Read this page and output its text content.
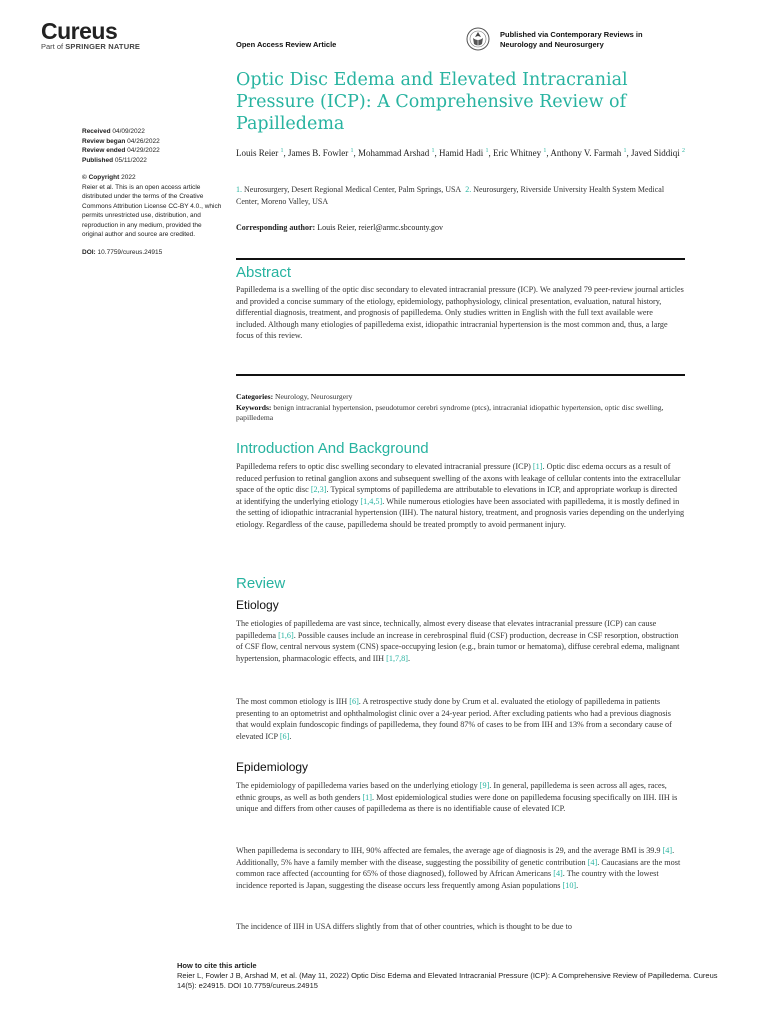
Cureus
Part of SPRINGER NATURE	Open Access Review Article
Published via Contemporary Reviews in
Neurology and Neurosurgery
Optic Disc Edema and Elevated Intracranial Pressure (ICP): A Comprehensive Review of Papilledema
Received 04/09/2022
Review began 04/26/2022
Review ended 04/29/2022
Published 05/11/2022
© Copyright 2022
Reier et al. This is an open access article distributed under the terms of the Creative Commons Attribution License CC-BY 4.0., which permits unrestricted use, distribution, and reproduction in any medium, provided the original author and source are credited.
DOI: 10.7759/cureus.24915
Louis Reier $^1$, James B. Fowler $^1$, Mohammad Arshad $^1$, Hamid Hadi $^1$, Eric Whitney $^1$, Anthony V. Farmah $^1$, Javed Siddiqi $^2$
1. Neurosurgery, Desert Regional Medical Center, Palm Springs, USA 2. Neurosurgery, Riverside University Health System Medical Center, Moreno Valley, USA
Corresponding author: Louis Reier, reierl@armc.sbcounty.gov
Abstract

Papilledema is a swelling of the optic disc secondary to elevated intracranial pressure (ICP). We analyzed 79 peer-review journal articles and provided a concise summary of the etiology, epidemiology, pathophysiology, clinical presentation, evaluation, natural history, differential diagnosis, treatment, and prognosis of papilledema. Only studies written in English with the full text available were included. Although many etiologies of papilledema exist, idiopathic intracranial hypertension is the most common and, thus, a large focus of this review.

Categories: Neurology, Neurosurgery
Keywords: benign intracranial hypertension, pseudotumor cerebri syndrome (ptcs), intracranial idiopathic hypertension, optic disc swelling, papilledema
Introduction And Background

Papilledema refers to optic disc swelling secondary to elevated intracranial pressure (ICP) [1]. Optic disc edema occurs as a result of reduced perfusion to retinal ganglion axons and subsequent swelling of the axons with leakage of cellular contents into the extracellular space of the optic disc [2,3]. Typical symptoms of papilledema are attributable to elevations in ICP, and appropriate workup is directed at identifying the underlying etiology [1,4,5]. While numerous etiologies have been associated with papilledema, it is mostly defined in the setting of idiopathic intracranial hypertension (IIH). The natural history, treatment, and prognosis varies depending on the underlying etiology. Regardless of the cause, papilledema should be treated promptly to avoid permanent injury.

Review
Etiology

The etiologies of papilledema are vast since, technically, almost every disease that elevates intracranial pressure (ICP) can cause papilledema [1,6]. Possible causes include an increase in cerebrospinal fluid (CSF) production, decrease in CSF resorption, obstruction of CSF flow, central nervous system (CNS) space-occupying lesion (e.g., brain tumor or hematoma), diffuse cerebral edema, malignant hypertension, pharmacologic effects, and IIH [1,7,8].

The most common etiology is IIH [6]. A retrospective study done by Crum et al. evaluated the etiology of papilledema in patients presenting to an optometrist and ophthalmologist clinic over a 24-year period. After excluding patients who had a previous diagnosis that would explain fundoscopic findings of papilledema, they found 87% of cases to be from IIH and 13% from a secondary cause of elevated ICP [6].

Epidemiology

The epidemiology of papilledema varies based on the underlying etiology [9]. In general, papilledema is seen across all ages, races, ethnic groups, as well as both genders [1]. Most epidemiological studies were done on papilledema focusing specifically on IIH. IIH is unique and differs from other causes of papilledema as there is no identifiable cause of elevated ICP.

When papilledema is secondary to IIH, 90% affected are females, the average age of diagnosis is 29, and the average BMI is 39.9 [4]. Additionally, 5% have a family member with the disease, suggesting the possibility of genetic contribution [4]. Caucasians are the most common race affected (accounting for 65% of those diagnosed), followed by African Americans [4]. The country with the lowest incidence reported is Japan, suggesting the disease occurs less frequently among Asian populations [10].

The incidence of IIH in USA differs slightly from that of other countries, which is thought to be due to

How to cite this article
Reier L, Fowler J B, Arshad M, et al. (May 11, 2022) Optic Disc Edema and Elevated Intracranial Pressure (ICP): A Comprehensive Review of Papilledema. Cureus 14(5): e24915. DOI 10.7759/cureus.24915
